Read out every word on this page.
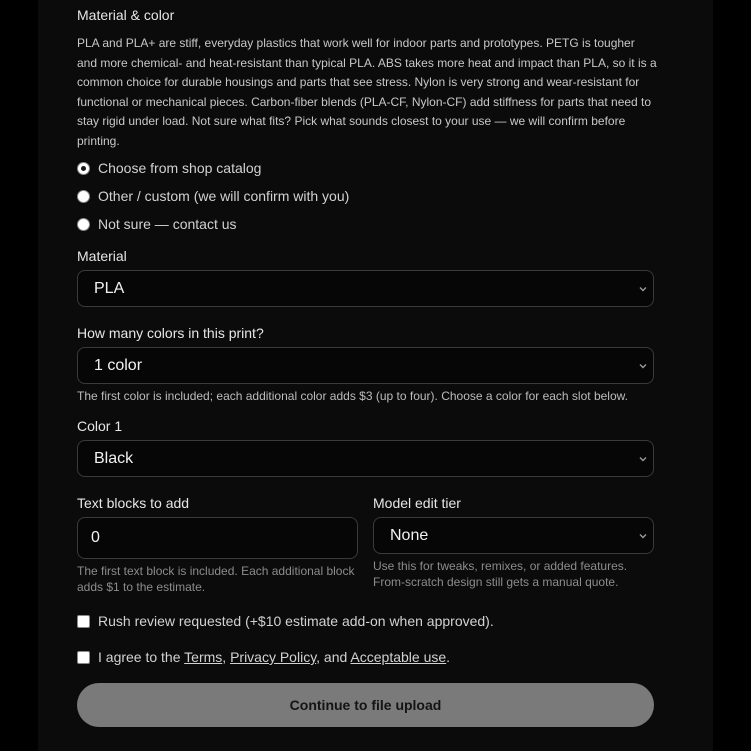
Material & color
PLA and PLA+ are stiff, everyday plastics that work well for indoor parts and prototypes. PETG is tougher and more chemical- and heat-resistant than typical PLA. ABS takes more heat and impact than PLA, so it is a common choice for durable housings and parts that see stress. Nylon is very strong and wear-resistant for functional or mechanical pieces. Carbon-fiber blends (PLA-CF, Nylon-CF) add stiffness for parts that need to stay rigid under load. Not sure what fits? Pick what sounds closest to your use — we will confirm before printing.
Choose from shop catalog
Other / custom (we will confirm with you)
Not sure — contact us
Material
PLA
How many colors in this print?
1 color
The first color is included; each additional color adds $3 (up to four). Choose a color for each slot below.
Color 1
Black
Text blocks to add
0
The first text block is included. Each additional block
adds $1 to the estimate.
Model edit tier
None
Use this for tweaks, remixes, or added features.
From-scratch design still gets a manual quote.
Rush review requested (+$10 estimate add-on when approved).
I agree to the Terms, Privacy Policy, and Acceptable use.
Continue to file upload
